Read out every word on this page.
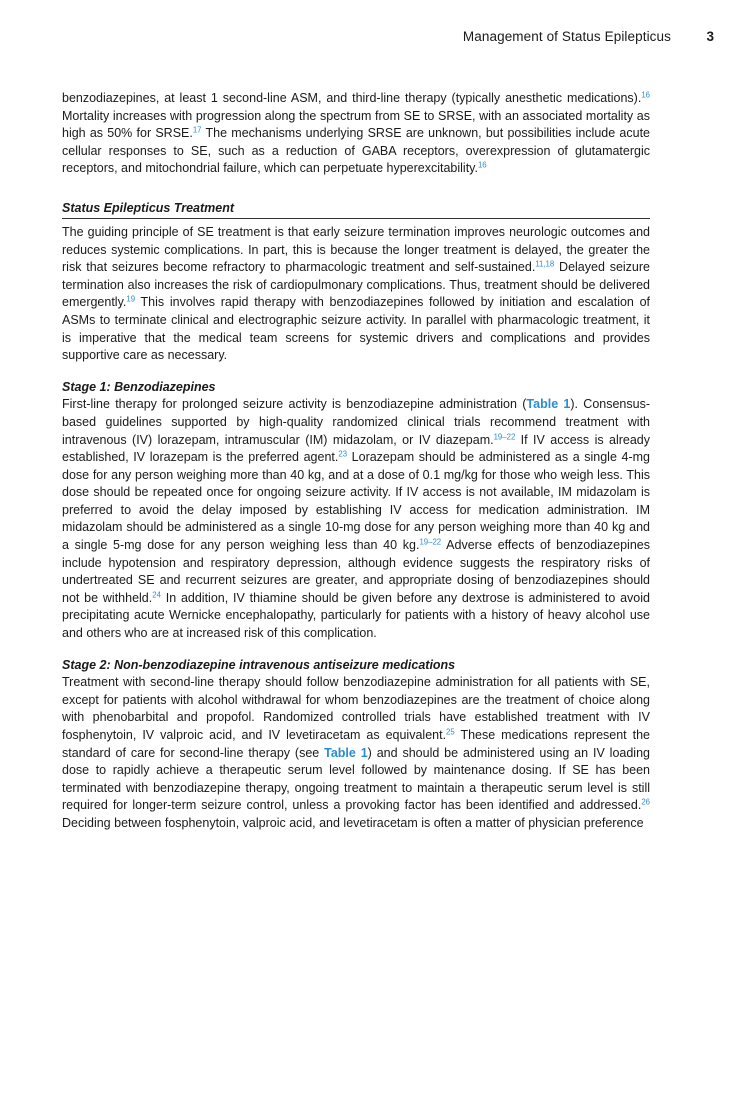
Management of Status Epilepticus	3

benzodiazepines, at least 1 second-line ASM, and third-line therapy (typically anesthetic medications).$^{16}$ Mortality increases with progression along the spectrum from SE to SRSE, with an associated mortality as high as 50% for SRSE.$^{17}$ The mechanisms underlying SRSE are unknown, but possibilities include acute cellular responses to SE, such as a reduction of GABA receptors, overexpression of glutamatergic receptors, and mitochondrial failure, which can perpetuate hyperexcitability.$^{16}$

Status Epilepticus Treatment

The guiding principle of SE treatment is that early seizure termination improves neurologic outcomes and reduces systemic complications. In part, this is because the longer treatment is delayed, the greater the risk that seizures become refractory to pharmacologic treatment and self-sustained.$^{11,18}$ Delayed seizure termination also increases the risk of cardiopulmonary complications. Thus, treatment should be delivered emergently.$^{19}$ This involves rapid therapy with benzodiazepines followed by initiation and escalation of ASMs to terminate clinical and electrographic seizure activity. In parallel with pharmacologic treatment, it is imperative that the medical team screens for systemic drivers and complications and provides supportive care as necessary.

Stage 1: Benzodiazepines

First-line therapy for prolonged seizure activity is benzodiazepine administration (Table 1). Consensus-based guidelines supported by high-quality randomized clinical trials recommend treatment with intravenous (IV) lorazepam, intramuscular (IM) midazolam, or IV diazepam.$^{19-22}$ If IV access is already established, IV lorazepam is the preferred agent.$^{23}$ Lorazepam should be administered as a single 4-mg dose for any person weighing more than 40 kg, and at a dose of 0.1 mg/kg for those who weigh less. This dose should be repeated once for ongoing seizure activity. If IV access is not available, IM midazolam is preferred to avoid the delay imposed by establishing IV access for medication administration. IM midazolam should be administered as a single 10-mg dose for any person weighing more than 40 kg and a single 5-mg dose for any person weighing less than 40 kg.$^{19-22}$ Adverse effects of benzodiazepines include hypotension and respiratory depression, although evidence suggests the respiratory risks of undertreated SE and recurrent seizures are greater, and appropriate dosing of benzodiazepines should not be withheld.$^{24}$ In addition, IV thiamine should be given before any dextrose is administered to avoid precipitating acute Wernicke encephalopathy, particularly for patients with a history of heavy alcohol use and others who are at increased risk of this complication.

Stage 2: Non-benzodiazepine intravenous antiseizure medications

Treatment with second-line therapy should follow benzodiazepine administration for all patients with SE, except for patients with alcohol withdrawal for whom benzodiazepines are the treatment of choice along with phenobarbital and propofol. Randomized controlled trials have established treatment with IV fosphenytoin, IV valproic acid, and IV levetiracetam as equivalent.$^{25}$ These medications represent the standard of care for second-line therapy (see Table 1) and should be administered using an IV loading dose to rapidly achieve a therapeutic serum level followed by maintenance dosing. If SE has been terminated with benzodiazepine therapy, ongoing treatment to maintain a therapeutic serum level is still required for longer-term seizure control, unless a provoking factor has been identified and addressed.$^{26}$ Deciding between fosphenytoin, valproic acid, and levetiracetam is often a matter of physician preference
